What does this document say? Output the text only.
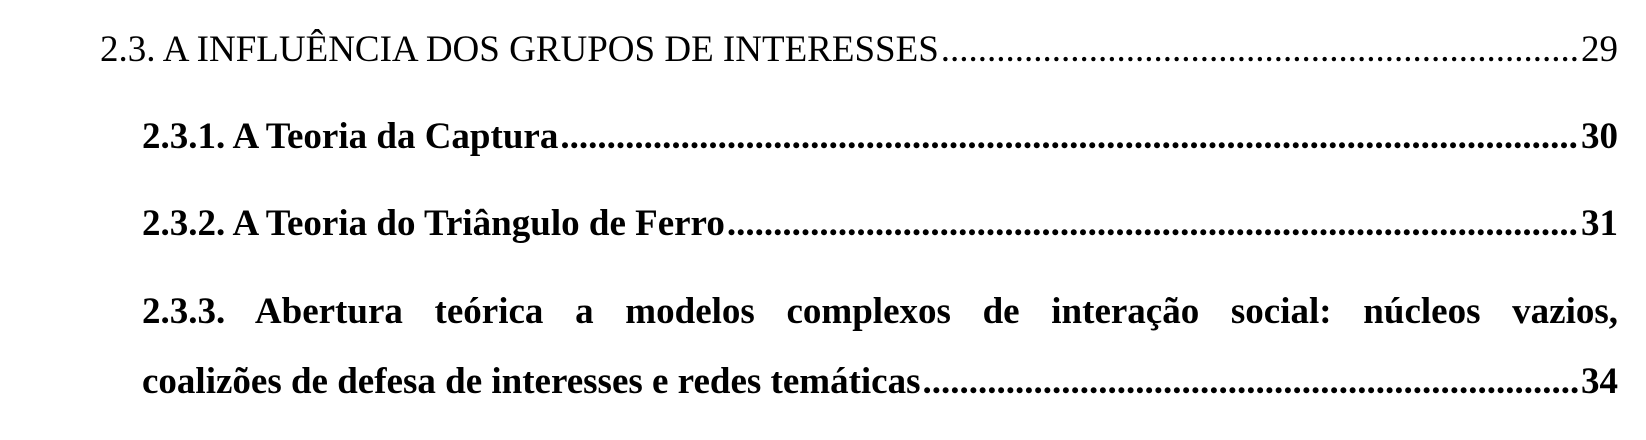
2.3. A INFLUÊNCIA DOS GRUPOS DE INTERESSES .....	29
2.3.1. A Teoria da Captura .....	30
2.3.2. A Teoria do Triângulo de Ferro .....	31
2.3.3. Abertura teórica a modelos complexos de interação social: núcleos vazios,
coalizões de defesa de interesses e redes temáticas .....	34
